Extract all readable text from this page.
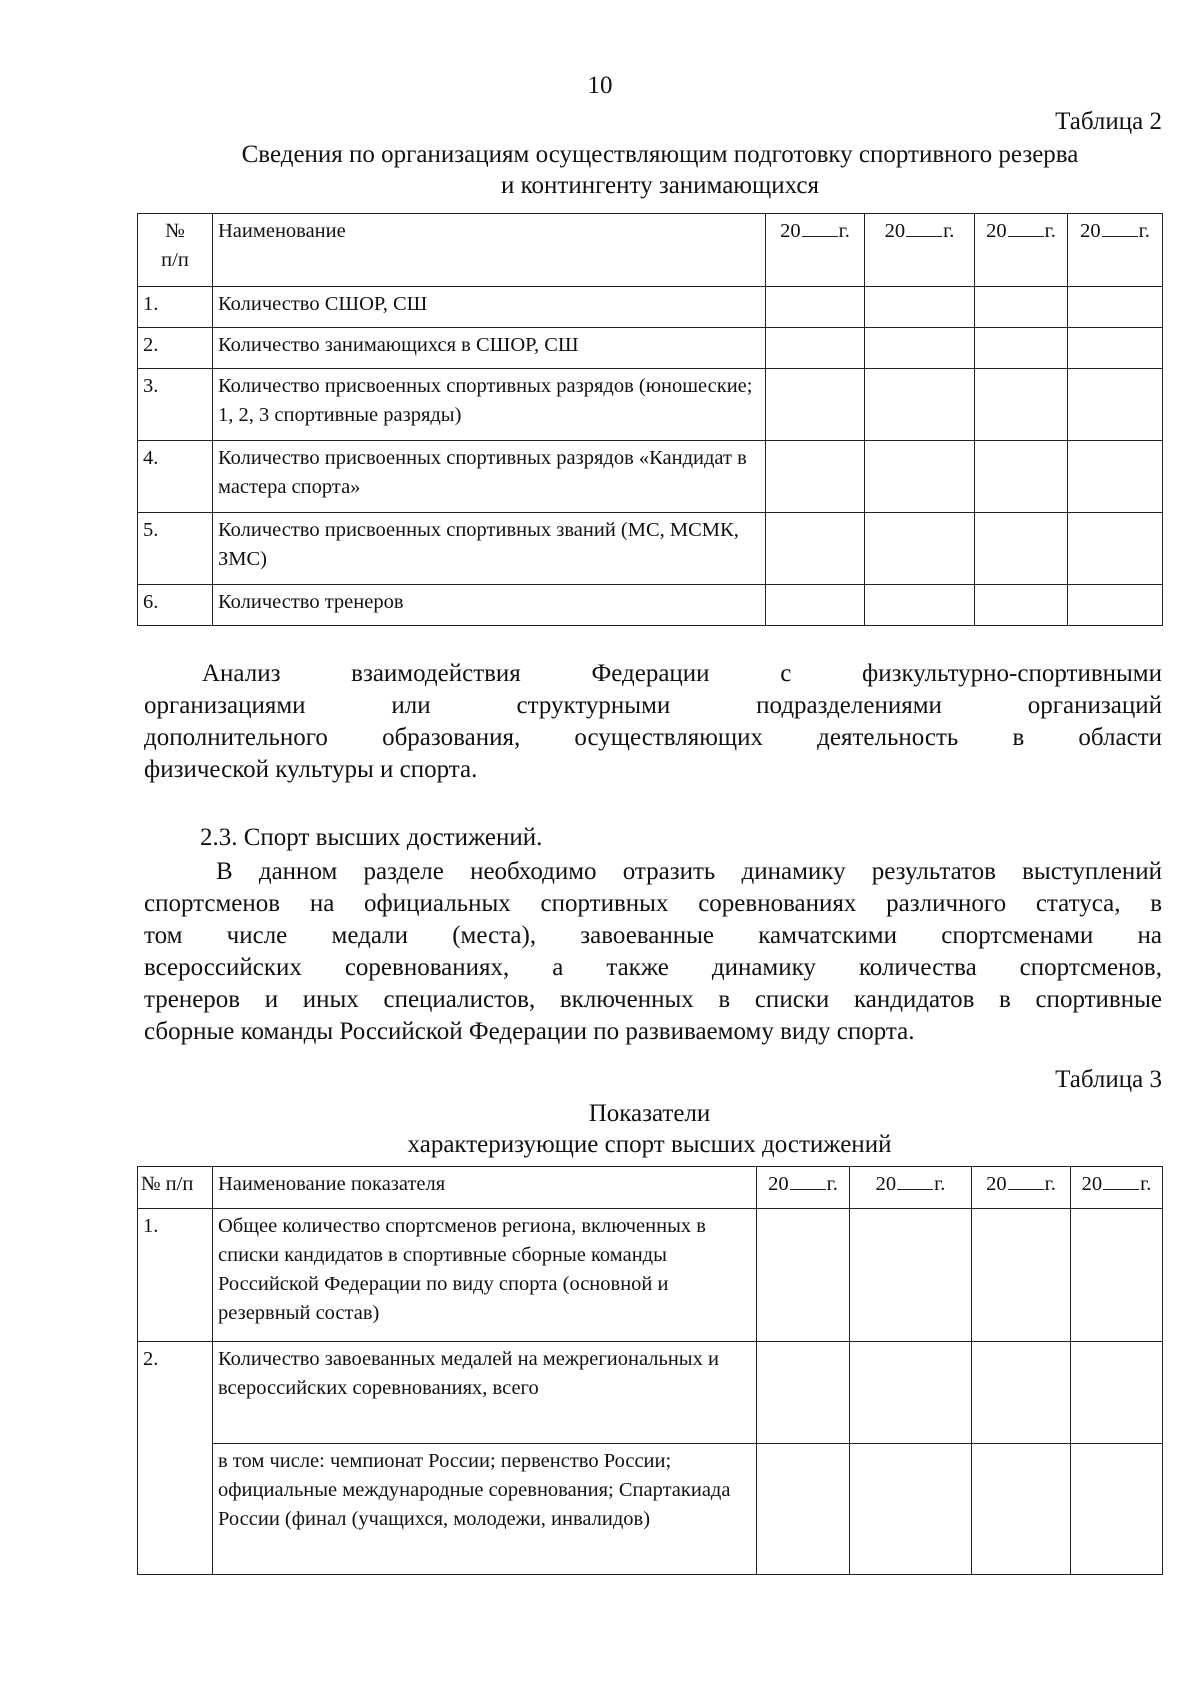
10
Таблица 2
Сведения по организациям осуществляющим подготовку спортивного резерва
и контингенту занимающихся
№
п/п	Наименование	20 г.	20 г.	20 г.	20 г.
1.	Количество СШОР, СШ				
2.	Количество занимающихся в СШОР, СШ				
3.	Количество присвоенных спортивных разрядов (юношеские; 1, 2, 3 спортивные разряды)				
4.	Количество присвоенных спортивных разрядов «Кандидат в мастера спорта»				
5.	Количество присвоенных спортивных званий (МС, МСМК, ЗМС)				
6.	Количество тренеров				
Анализ взаимодействия Федерации с физкультурно-спортивными
организациями или структурными подразделениями организаций
дополнительного образования, осуществляющих деятельность в области
физической культуры и спорта.
2.3. Спорт высших достижений.
В данном разделе необходимо отразить динамику результатов выступлений
спортсменов на официальных спортивных соревнованиях различного статуса, в
том числе медали (места), завоеванные камчатскими спортсменами на
всероссийских соревнованиях, а также динамику количества спортсменов,
тренеров и иных специалистов, включенных в списки кандидатов в спортивные
сборные команды Российской Федерации по развиваемому виду спорта.
Таблица 3
Показатели
характеризующие спорт высших достижений
№ п/п	Наименование показателя	20 г.	20 г.	20 г.	20 г.
1.	Общее количество спортсменов региона, включенных в списки кандидатов в спортивные сборные команды Российской Федерации по виду спорта (основной и резервный состав)				
2.	Количество завоеванных медалей на межрегиональных и всероссийских соревнованиях, всего				
	в том числе: чемпионат России; первенство России; официальные международные соревнования; Спартакиада России (финал (учащихся, молодежи, инвалидов)				
